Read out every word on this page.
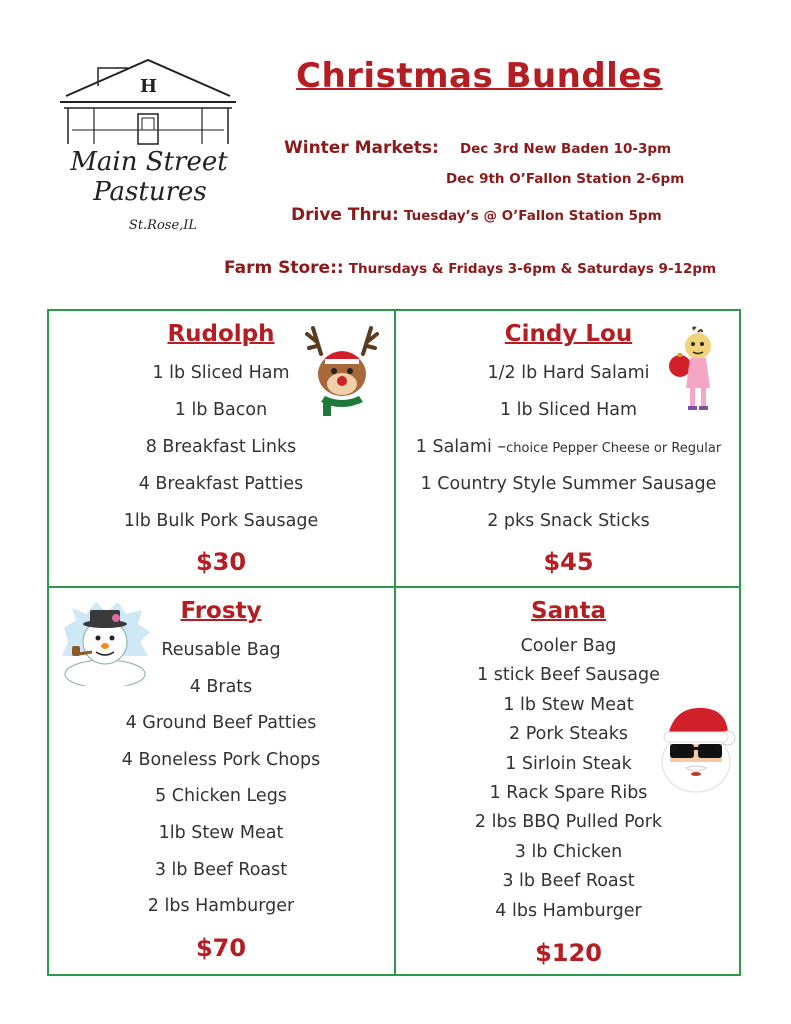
H
Main Street
Pastures
St.Rose,IL
Christmas Bundles
Winter Markets: Dec 3rd New Baden 10-3pm
Dec 9th O’Fallon Station 2-6pm
Drive Thru: Tuesday’s @ O’Fallon Station 5pm
Farm Store:: Thursdays & Fridays 3-6pm & Saturdays 9-12pm
Rudolph
1 lb Sliced Ham
1 lb Bacon
8 Breakfast Links
4 Breakfast Patties
1lb Bulk Pork Sausage
$30
Cindy Lou
1/2 lb Hard Salami
1 lb Sliced Ham
1 Salami –choice Pepper Cheese or Regular
1 Country Style Summer Sausage
2 pks Snack Sticks
$45
Frosty
Reusable Bag
4 Brats
4 Ground Beef Patties
4 Boneless Pork Chops
5 Chicken Legs
1lb Stew Meat
3 lb Beef Roast
2 lbs Hamburger
$70
Santa
Cooler Bag
1 stick Beef Sausage
1 lb Stew Meat
2 Pork Steaks
1 Sirloin Steak
1 Rack Spare Ribs
2 lbs BBQ Pulled Pork
3 lb Chicken
3 lb Beef Roast
4 lbs Hamburger
$120
